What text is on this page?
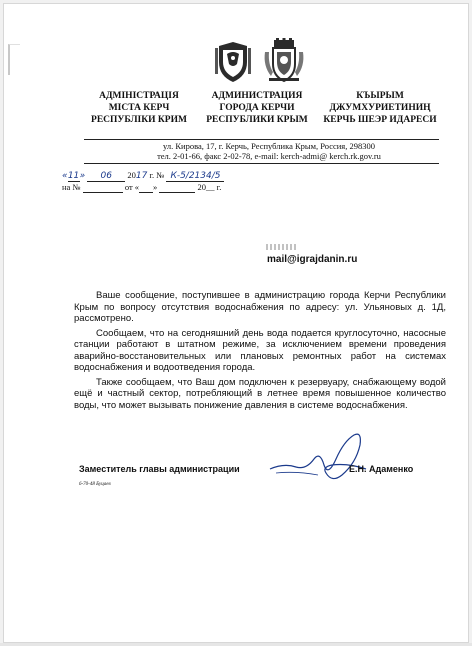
АДМІНІСТРАЦІЯ
МІСТА КЕРЧ
РЕСПУБЛІКИ КРИМ
АДМИНИСТРАЦИЯ
ГОРОДА КЕРЧИ
РЕСПУБЛИКИ КРЫМ
КЪЫРЫМ
ДЖУМХУРИЕТИНИҢ
КЕРЧЬ ШЕЭР ИДАРЕСИ
ул. Кирова, 17, г. Керчь, Республика Крым, Россия, 298300
тел. 2-01-66, факс 2-02-78, e-mail: kerch-admi@ kerch.rk.gov.ru
«11» 06 2017 г. № К-5/2134/5
на №	от « »	20__ г.
mail@igrajdanin.ru

Ваше сообщение, поступившее в администрацию города Керчи Республики Крым по вопросу отсутствия водоснабжения по адресу: ул. Ульяновых д. 1Д, рассмотрено.

Сообщаем, что на сегодняшний день вода подается круглосуточно, насосные станции работают в штатном режиме, за исключением времени проведения аварийно-восстановительных или плановых ремонтных работ на системах водоснабжения и водоотведения города.

Также сообщаем, что Ваш дом подключен к резервуару, снабжающему водой ещё и частный сектор, потребляющий в летнее время повышенное количество воды, что может вызывать понижение давления в системе водоснабжения.

Заместитель главы администрации	Е.Н. Адаменко
6-70-48 Буцаев
